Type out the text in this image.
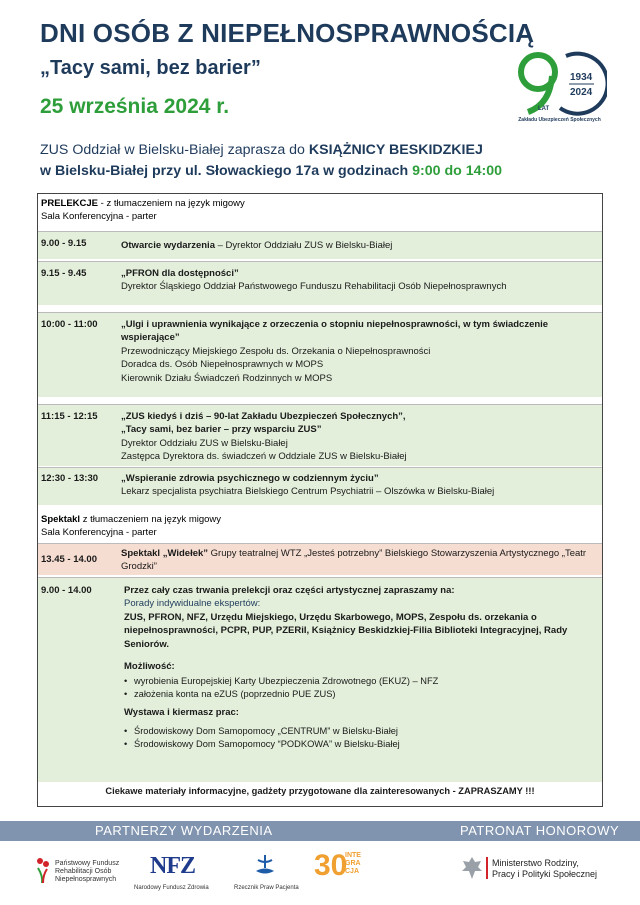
DNI OSÓB Z NIEPEŁNOSPRAWNOŚCIĄ
„Tacy sami, bez barier”
25 września 2024 r.
1934
2024
LAT
Zakładu Ubezpieczeń Społecznych
ZUS Oddział w Bielsku-Białej zaprasza do KSIĄŻNICY BESKIDZKIEJ
w Bielsku-Białej przy ul. Słowackiego 17a w godzinach 9:00 do 14:00
PRELEKCJE - z tłumaczeniem na język migowy
Sala Konferencyjna - parter
9.00 - 9.15	Otwarcie wydarzenia – Dyrektor Oddziału ZUS w Bielsku-Białej
9.15 - 9.45	„PFRON dla dostępności”
Dyrektor Śląskiego Oddział Państwowego Funduszu Rehabilitacji Osób Niepełnosprawnych
10:00 - 11:00 „Ulgi i uprawnienia wynikające z orzeczenia o stopniu niepełnosprawności, w tym świadczenie wspierające”
Przewodniczący Miejskiego Zespołu ds. Orzekania o Niepełnosprawności
Doradca ds. Osób Niepełnosprawnych w MOPS
Kierownik Działu Świadczeń Rodzinnych w MOPS
11:15 - 12:15 „ZUS kiedyś i dziś – 90-lat Zakładu Ubezpieczeń Społecznych”,
„Tacy sami, bez barier – przy wsparciu ZUS”
Dyrektor Oddziału ZUS w Bielsku-Białej
Zastępca Dyrektora ds. świadczeń w Oddziale ZUS w Bielsku-Białej
12:30 - 13:30 „Wspieranie zdrowia psychicznego w codziennym życiu”
Lekarz specjalista psychiatra Bielskiego Centrum Psychiatrii – Olszówka w Bielsku-Białej
Spektakl z tłumaczeniem na język migowy
Sala Konferencyjna - parter
13.45 - 14.00
Spektakl „Widełek” Grupy teatralnej WTZ „Jesteś potrzebny” Bielskiego Stowarzyszenia Artystycznego „Teatr Grodzki”
9.00 - 14.00	Przez cały czas trwania prelekcji oraz części artystycznej zapraszamy na:
Porady indywidualne ekspertów:
ZUS, PFRON, NFZ, Urzędu Miejskiego, Urzędu Skarbowego, MOPS, Zespołu ds. orzekania o niepełnosprawności, PCPR, PUP, PZERiI, Książnicy Beskidzkiej-Filia Biblioteki Integracyjnej, Rady Seniorów.
Możliwość:
• wyrobienia Europejskiej Karty Ubezpieczenia Zdrowotnego (EKUZ) – NFZ
• założenia konta na eZUS (poprzednio PUE ZUS)
Wystawa i kiermasz prac:
• Środowiskowy Dom Samopomocy „CENTRUM” w Bielsku-Białej
• Środowiskowy Dom Samopomocy “PODKOWA” w Bielsku-Białej
Ciekawe materiały informacyjne, gadżety przygotowane dla zainteresowanych - ZAPRASZAMY !!!
PARTNERZY WYDARZENIA	PATRONAT HONOROWY
Państwowy Fundusz
Rehabilitacji Osób
Niepełnosprawnych
NFZ
Narodowy Fundusz Zdrowia	Rzecznik Praw Pacjenta
30
INTE
GRA
CJA
Ministerstwo Rodziny,
Pracy i Polityki Społecznej
